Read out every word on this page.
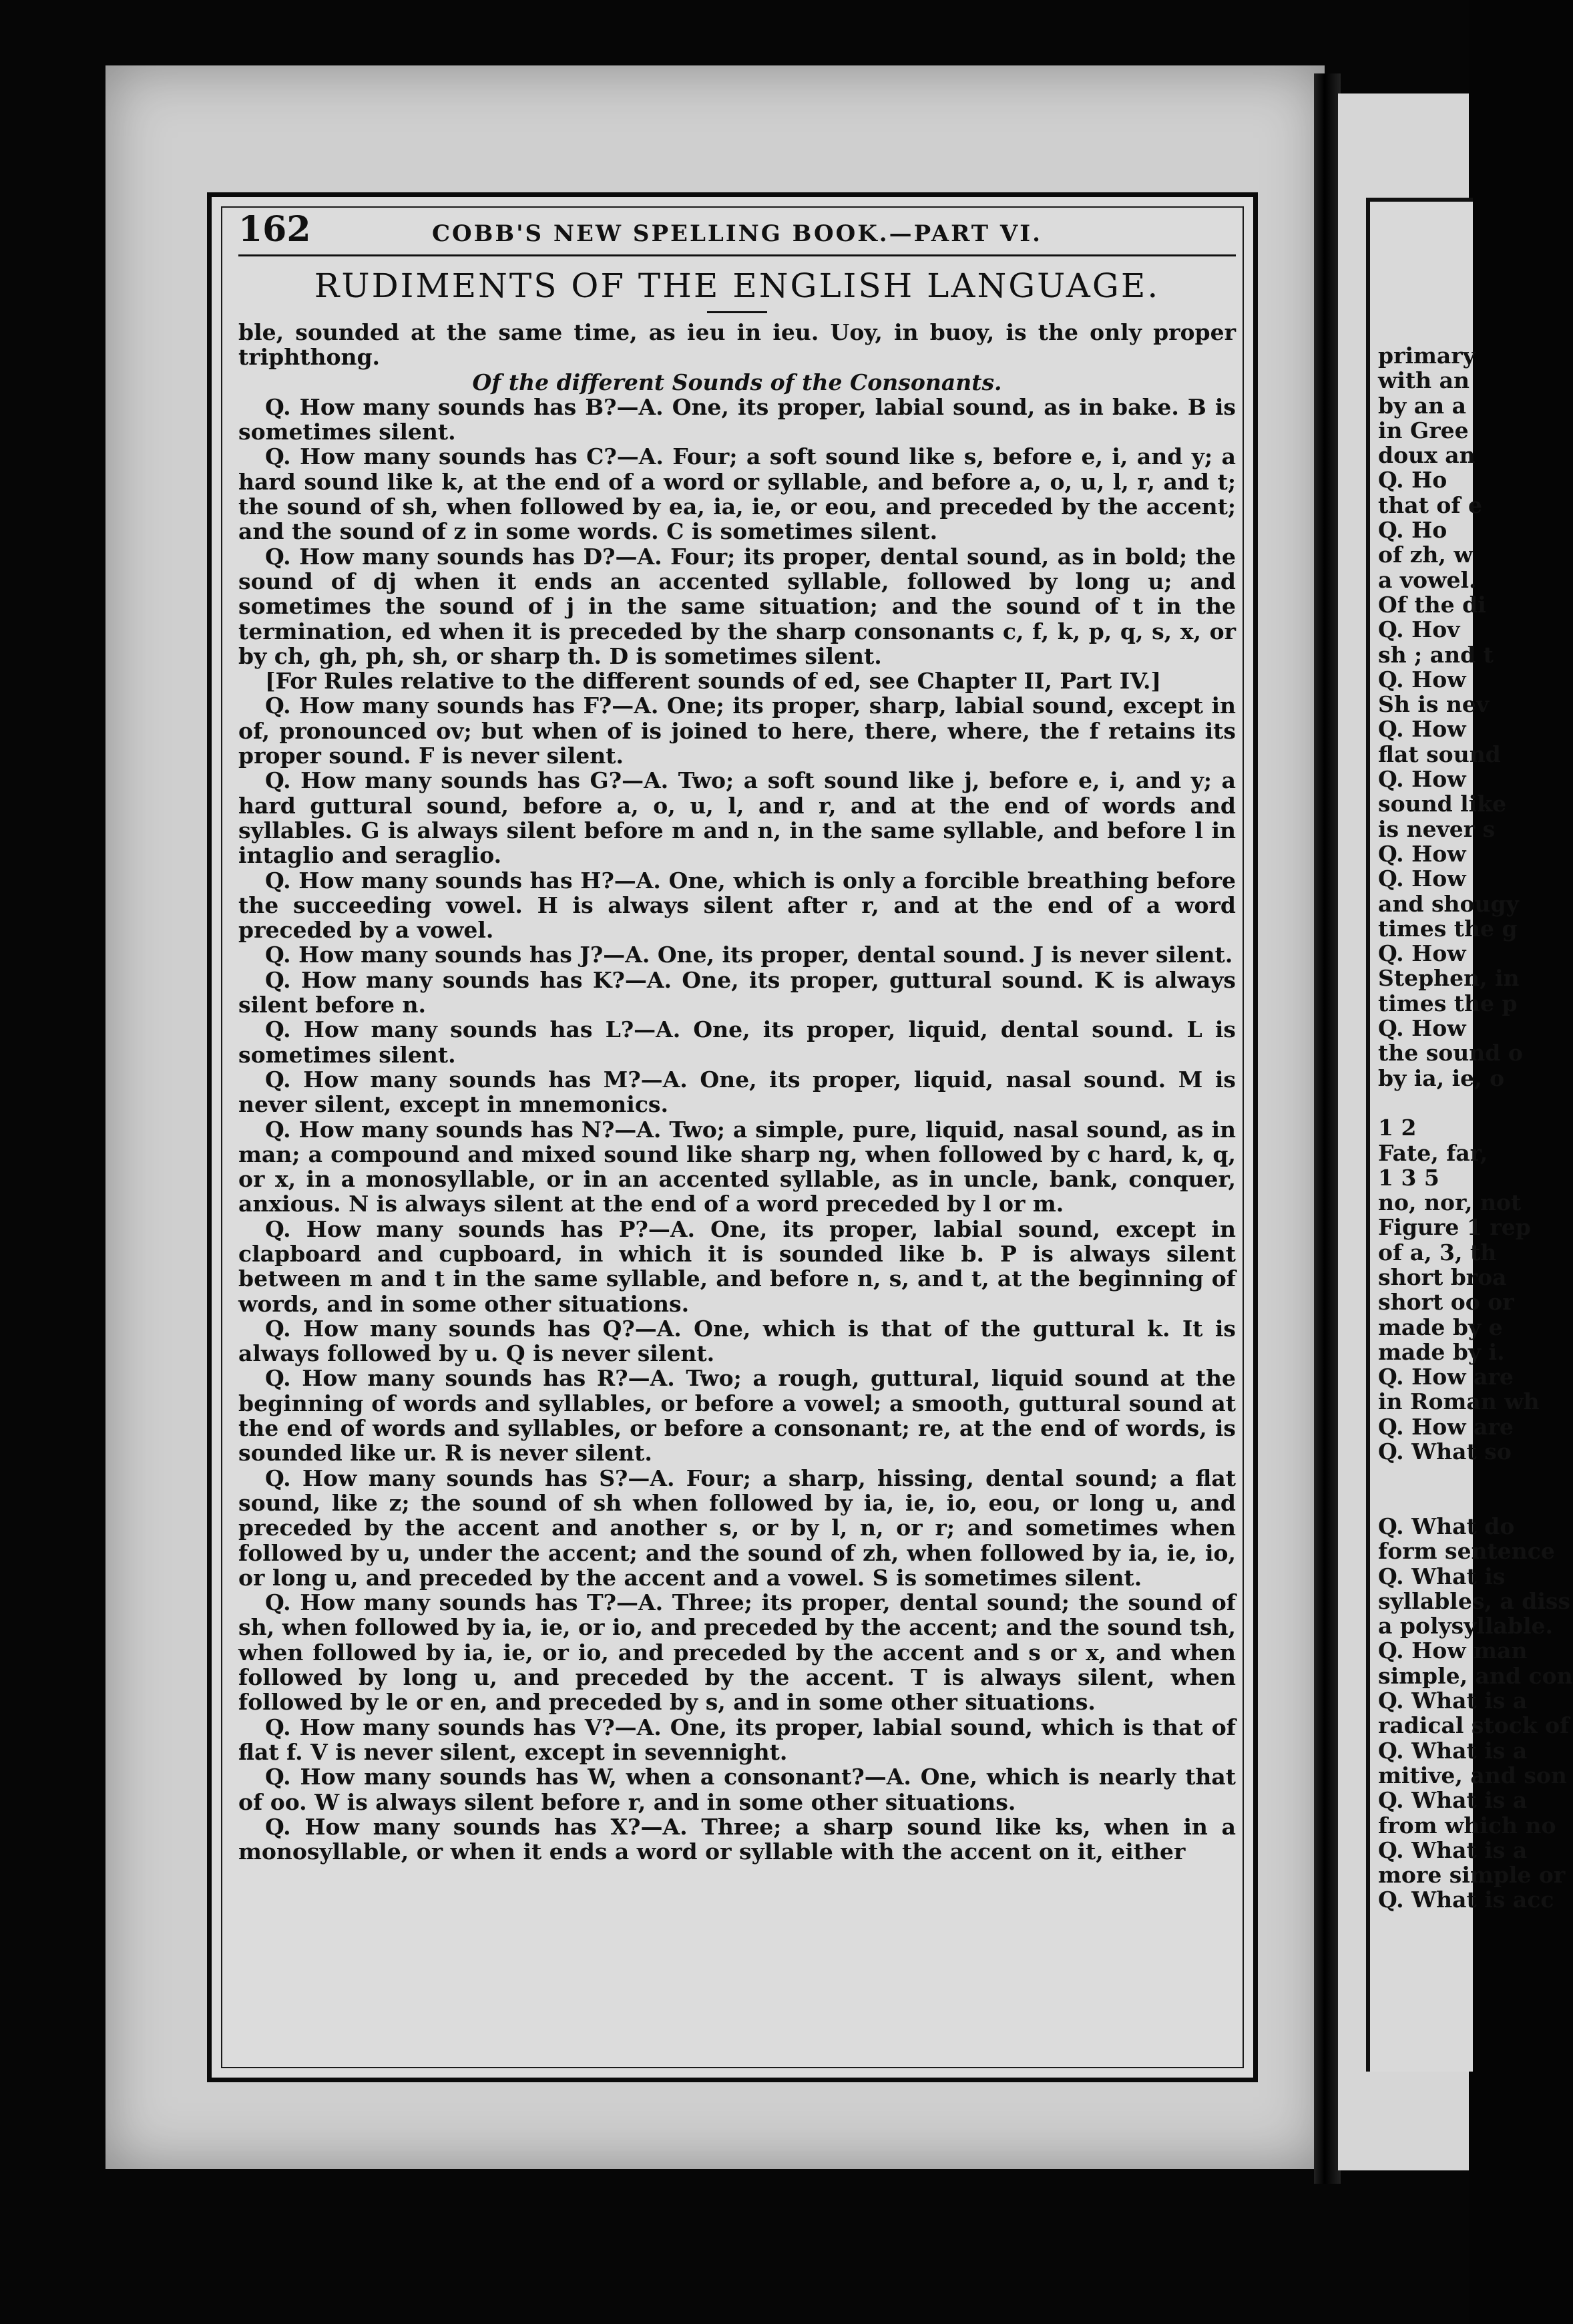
162	COBB'S NEW SPELLING BOOK.—PART VI.
RUDIMENTS OF THE ENGLISH LANGUAGE.

ble, sounded at the same time, as ieu in ieu. Uoy, in buoy, is the only proper triphthong.

Of the different Sounds of the Consonants.

Q. How many sounds has B?—A. One, its proper, labial sound, as in bake. B is sometimes silent.

Q. How many sounds has C?—A. Four; a soft sound like s, before e, i, and y; a hard sound like k, at the end of a word or syllable, and before a, o, u, l, r, and t; the sound of sh, when followed by ea, ia, ie, or eou, and preceded by the accent; and the sound of z in some words. C is sometimes silent.

Q. How many sounds has D?—A. Four; its proper, dental sound, as in bold; the sound of dj when it ends an accented syllable, followed by long u; and sometimes the sound of j in the same situation; and the sound of t in the termination, ed when it is preceded by the sharp consonants c, f, k, p, q, s, x, or by ch, gh, ph, sh, or sharp th. D is sometimes silent.

[For Rules relative to the different sounds of ed, see Chapter II, Part IV.]

Q. How many sounds has F?—A. One; its proper, sharp, labial sound, except in of, pronounced ov; but when of is joined to here, there, where, the f retains its proper sound. F is never silent.

Q. How many sounds has G?—A. Two; a soft sound like j, before e, i, and y; a hard guttural sound, before a, o, u, l, and r, and at the end of words and syllables. G is always silent before m and n, in the same syllable, and before l in intaglio and seraglio.

Q. How many sounds has H?—A. One, which is only a forcible breathing before the succeeding vowel. H is always silent after r, and at the end of a word preceded by a vowel.

Q. How many sounds has J?—A. One, its proper, dental sound. J is never silent.

Q. How many sounds has K?—A. One, its proper, guttural sound. K is always silent before n.

Q. How many sounds has L?—A. One, its proper, liquid, dental sound. L is sometimes silent.

Q. How many sounds has M?—A. One, its proper, liquid, nasal sound. M is never silent, except in mnemonics.

Q. How many sounds has N?—A. Two; a simple, pure, liquid, nasal sound, as in man; a compound and mixed sound like sharp ng, when followed by c hard, k, q, or x, in a monosyllable, or in an accented syllable, as in uncle, bank, conquer, anxious. N is always silent at the end of a word preceded by l or m.

Q. How many sounds has P?—A. One, its proper, labial sound, except in clapboard and cupboard, in which it is sounded like b. P is always silent between m and t in the same syllable, and before n, s, and t, at the beginning of words, and in some other situations.

Q. How many sounds has Q?—A. One, which is that of the guttural k. It is always followed by u. Q is never silent.

Q. How many sounds has R?—A. Two; a rough, guttural, liquid sound at the beginning of words and syllables, or before a vowel; a smooth, guttural sound at the end of words and syllables, or before a consonant; re, at the end of words, is sounded like ur. R is never silent.

Q. How many sounds has S?—A. Four; a sharp, hissing, dental sound; a flat sound, like z; the sound of sh when followed by ia, ie, io, eou, or long u, and preceded by the accent and another s, or by l, n, or r; and sometimes when followed by u, under the accent; and the sound of zh, when followed by ia, ie, io, or long u, and preceded by the accent and a vowel. S is sometimes silent.

Q. How many sounds has T?—A. Three; its proper, dental sound; the sound of sh, when followed by ia, ie, or io, and preceded by the accent; and the sound tsh, when followed by ia, ie, or io, and preceded by the accent and s or x, and when followed by long u, and preceded by the accent. T is always silent, when followed by le or en, and preceded by s, and in some other situations.

Q. How many sounds has V?—A. One, its proper, labial sound, which is that of flat f. V is never silent, except in sevennight.

Q. How many sounds has W, when a consonant?—A. One, which is nearly that of oo. W is always silent before r, and in some other situations.

Q. How many sounds has X?—A. Three; a sharp sound like ks, when in a monosyllable, or when it ends a word or syllable with the accent on it, either

primary
with an
by an a
in Gree
doux an
Q. Ho
that of e
Q. Ho
of zh, w
a vowel.
Of the di
Q. Hov
sh ; and t
Q. How
Sh is nev
Q. How
flat sound
Q. How
sound like
is never s
Q. How
Q. How
and shougy
times the g
Q. How
Stephen, in
times the p
Q. How
the sound o
by ia, ie, o

1 2
Fate, far,
1 3 5
no, nor, not
Figure 1 rep
of a, 3, th
short broa
short oo or
made by e
made by i.
Q. How are
in Roman wh
Q. How are
Q. What so

Q. What do
form sentence
Q. What is
syllables, a diss
a polysyllable.
Q. How man
simple, and con
Q. What is a
radical stock of
Q. What is a
mitive, and son
Q. What is a
from which no
Q. What is a
more simple or
Q. What is acc
